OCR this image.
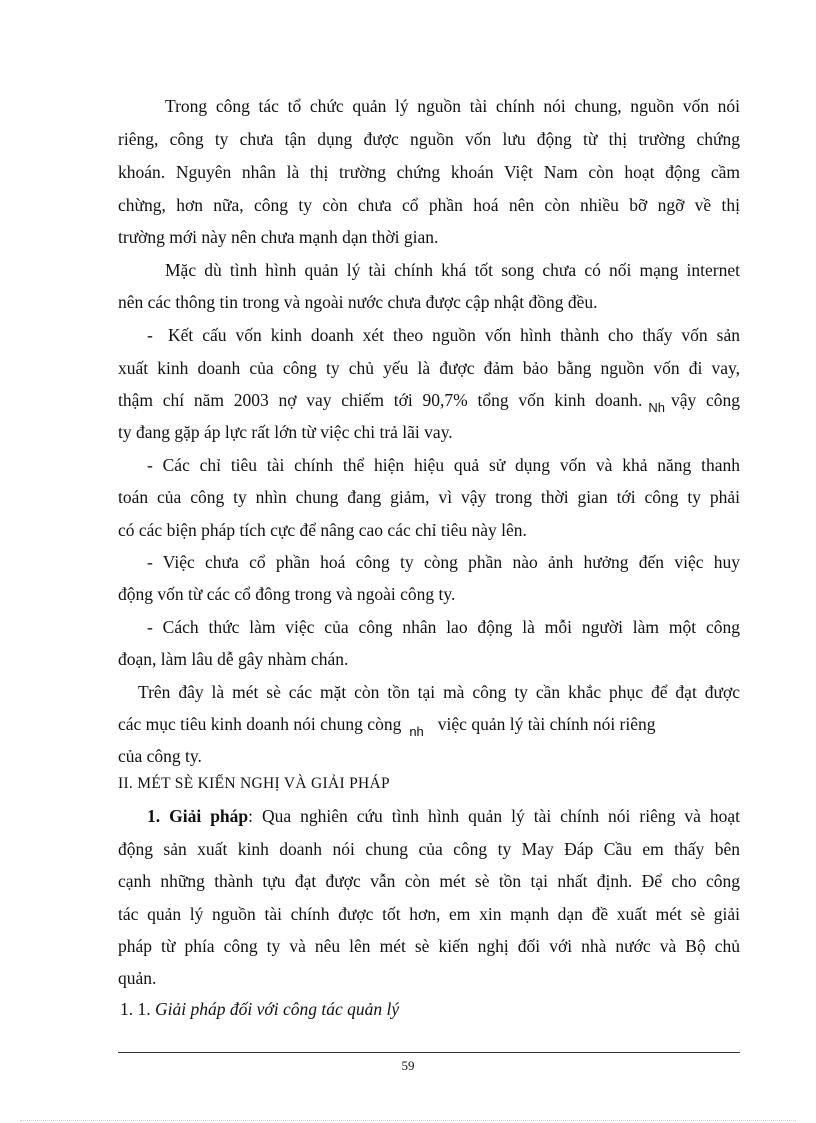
Trong công tác tổ chức quản lý nguồn tài chính nói chung, nguồn vốn nói
riêng, công ty chưa tận dụng được nguồn vốn lưu động từ thị trường chứng
khoán. Nguyên nhân là thị trường chứng khoán Việt Nam còn hoạt động cầm
chừng, hơn nữa, công ty còn chưa cổ phần hoá nên còn nhiều bỡ ngỡ về thị
trường mới này nên chưa mạnh dạn thời gian.
Mặc dù tình hình quản lý tài chính khá tốt song chưa có nối mạng internet
nên các thông tin trong và ngoài nước chưa được cập nhật đồng đều.
- Kết cấu vốn kinh doanh xét theo nguồn vốn hình thành cho thấy vốn sản
xuất kinh doanh của công ty chủ yếu là được đảm bảo bằng nguồn vốn đi vay,
thậm chí năm 2003 nợ vay chiếm tới 90,7% tổng vốn kinh doanh. Nh vậy công
ty đang gặp áp lực rất lớn từ việc chi trả lãi vay.
- Các chỉ tiêu tài chính thể hiện hiệu quả sử dụng vốn và khả năng thanh
toán của công ty nhìn chung đang giảm, vì vậy trong thời gian tới công ty phải
có các biện pháp tích cực để nâng cao các chỉ tiêu này lên.
- Việc chưa cổ phần hoá công ty còng phần nào ảnh hưởng đến việc huy
động vốn từ các cổ đông trong và ngoài công ty.
- Cách thức làm việc của công nhân lao động là mỗi người làm một công
đoạn, làm lâu dễ gây nhàm chán.
Trên đây là mét sè các mặt còn tồn tại mà công ty cần khắc phục để đạt được
các mục tiêu kinh doanh nói chung còng nh việc quản lý tài chính nói riêng
của công ty.
II. MÉT SÈ KIẾN NGHỊ VÀ GIẢI PHÁP
1. Giải pháp: Qua nghiên cứu tình hình quản lý tài chính nói riêng và hoạt
động sản xuất kinh doanh nói chung của công ty May Đáp Cầu em thấy bên
cạnh những thành tựu đạt được vẫn còn mét sè tồn tại nhất định. Để cho công
tác quản lý nguồn tài chính được tốt hơn, em xin mạnh dạn đề xuất mét sè giải
pháp từ phía công ty và nêu lên mét sè kiến nghị đối với nhà nước và Bộ chủ
quản.
1. 1. Giải pháp đối với công tác quản lý
59
